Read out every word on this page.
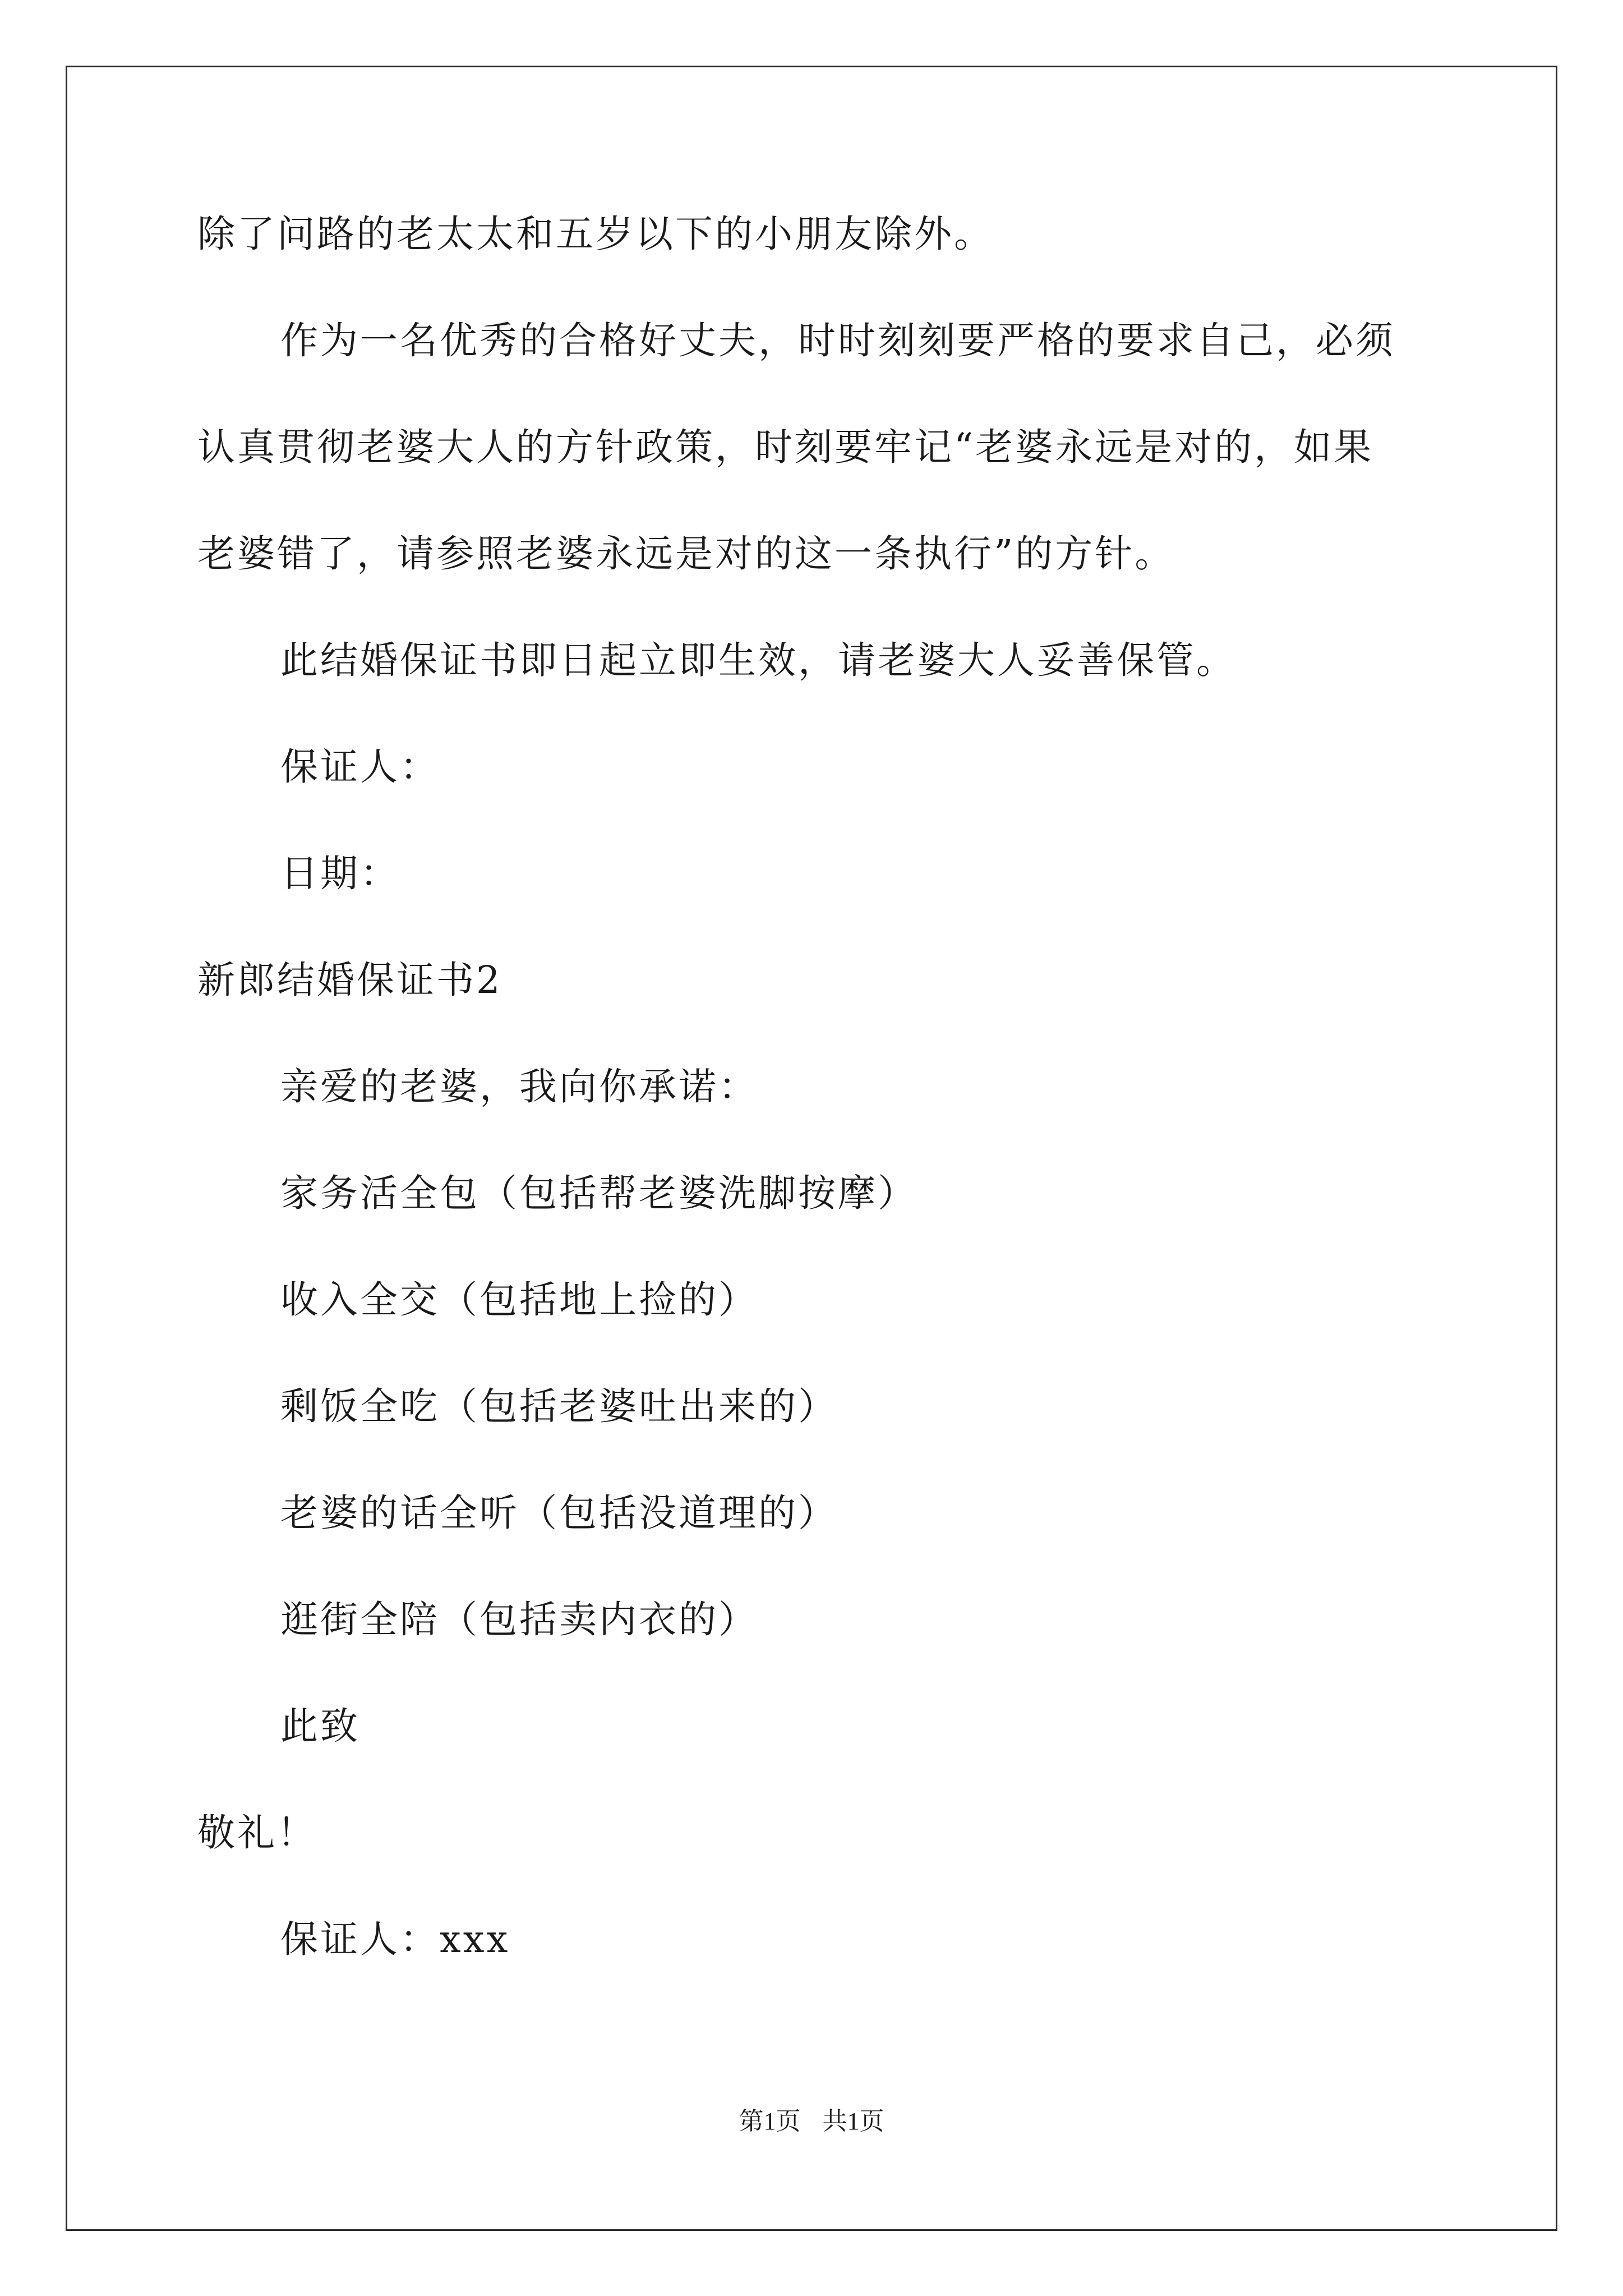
除了问路的老太太和五岁以下的小朋友除外。
作为一名优秀的合格好丈夫，时时刻刻要严格的要求自己，必须
认真贯彻老婆大人的方针政策，时刻要牢记“老婆永远是对的，如果
老婆错了，请参照老婆永远是对的这一条执行”的方针。
此结婚保证书即日起立即生效，请老婆大人妥善保管。
保证人：
日期：
新郎结婚保证书2
亲爱的老婆，我向你承诺：
家务活全包（包括帮老婆洗脚按摩）
收入全交（包括地上捡的）
剩饭全吃（包括老婆吐出来的）
老婆的话全听（包括没道理的）
逛街全陪（包括卖内衣的）
此致
敬礼！
保证人：xxx
第1页 共1页
